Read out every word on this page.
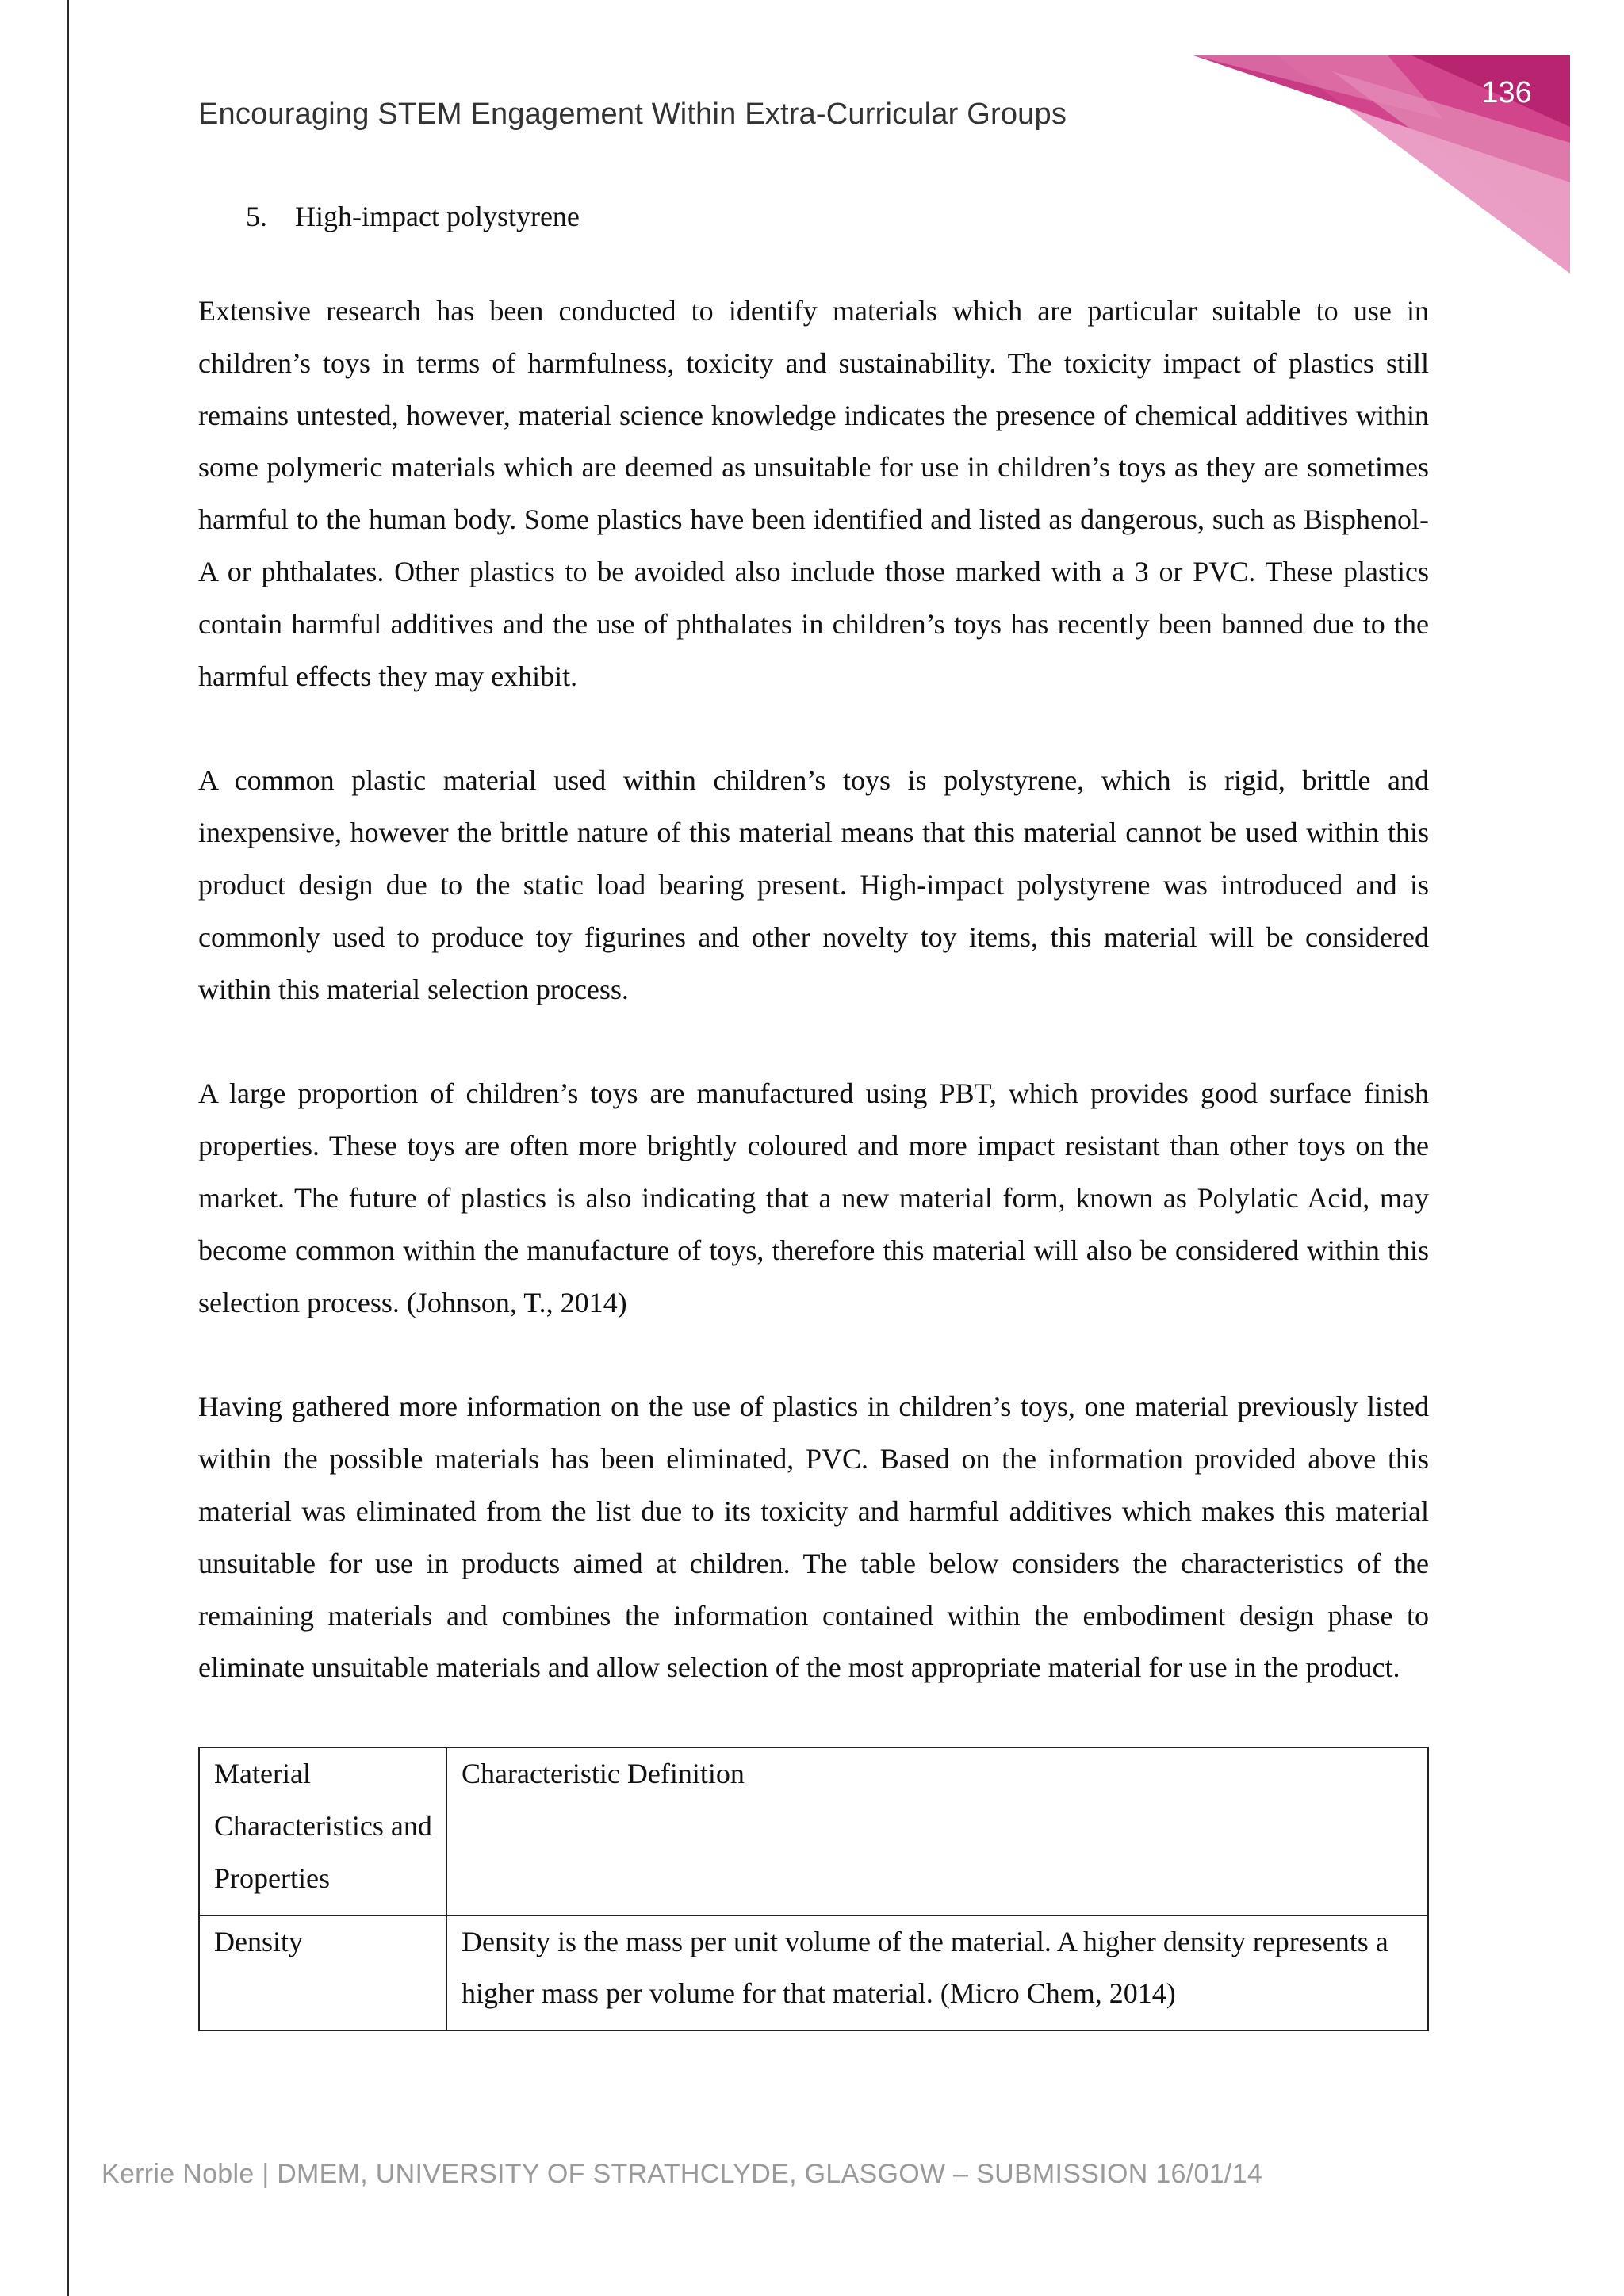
136
Encouraging STEM Engagement Within Extra-Curricular Groups
5. High-impact polystyrene

Extensive research has been conducted to identify materials which are particular suitable to use in children’s toys in terms of harmfulness, toxicity and sustainability. The toxicity impact of plastics still remains untested, however, material science knowledge indicates the presence of chemical additives within some polymeric materials which are deemed as unsuitable for use in children’s toys as they are sometimes harmful to the human body. Some plastics have been identified and listed as dangerous, such as Bisphenol-A or phthalates. Other plastics to be avoided also include those marked with a 3 or PVC. These plastics contain harmful additives and the use of phthalates in children’s toys has recently been banned due to the harmful effects they may exhibit.

A common plastic material used within children’s toys is polystyrene, which is rigid, brittle and inexpensive, however the brittle nature of this material means that this material cannot be used within this product design due to the static load bearing present. High-impact polystyrene was introduced and is commonly used to produce toy figurines and other novelty toy items, this material will be considered within this material selection process.

A large proportion of children’s toys are manufactured using PBT, which provides good surface finish properties. These toys are often more brightly coloured and more impact resistant than other toys on the market. The future of plastics is also indicating that a new material form, known as Polylatic Acid, may become common within the manufacture of toys, therefore this material will also be considered within this selection process. (Johnson, T., 2014)

Having gathered more information on the use of plastics in children’s toys, one material previously listed within the possible materials has been eliminated, PVC. Based on the information provided above this material was eliminated from the list due to its toxicity and harmful additives which makes this material unsuitable for use in products aimed at children. The table below considers the characteristics of the remaining materials and combines the information contained within the embodiment design phase to eliminate unsuitable materials and allow selection of the most appropriate material for use in the product.

Material Characteristics and Properties	Characteristic Definition
Density	Density is the mass per unit volume of the material. A higher density represents a higher mass per volume for that material. (Micro Chem, 2014)
Kerrie Noble | DMEM, UNIVERSITY OF STRATHCLYDE, GLASGOW – SUBMISSION 16/01/14
